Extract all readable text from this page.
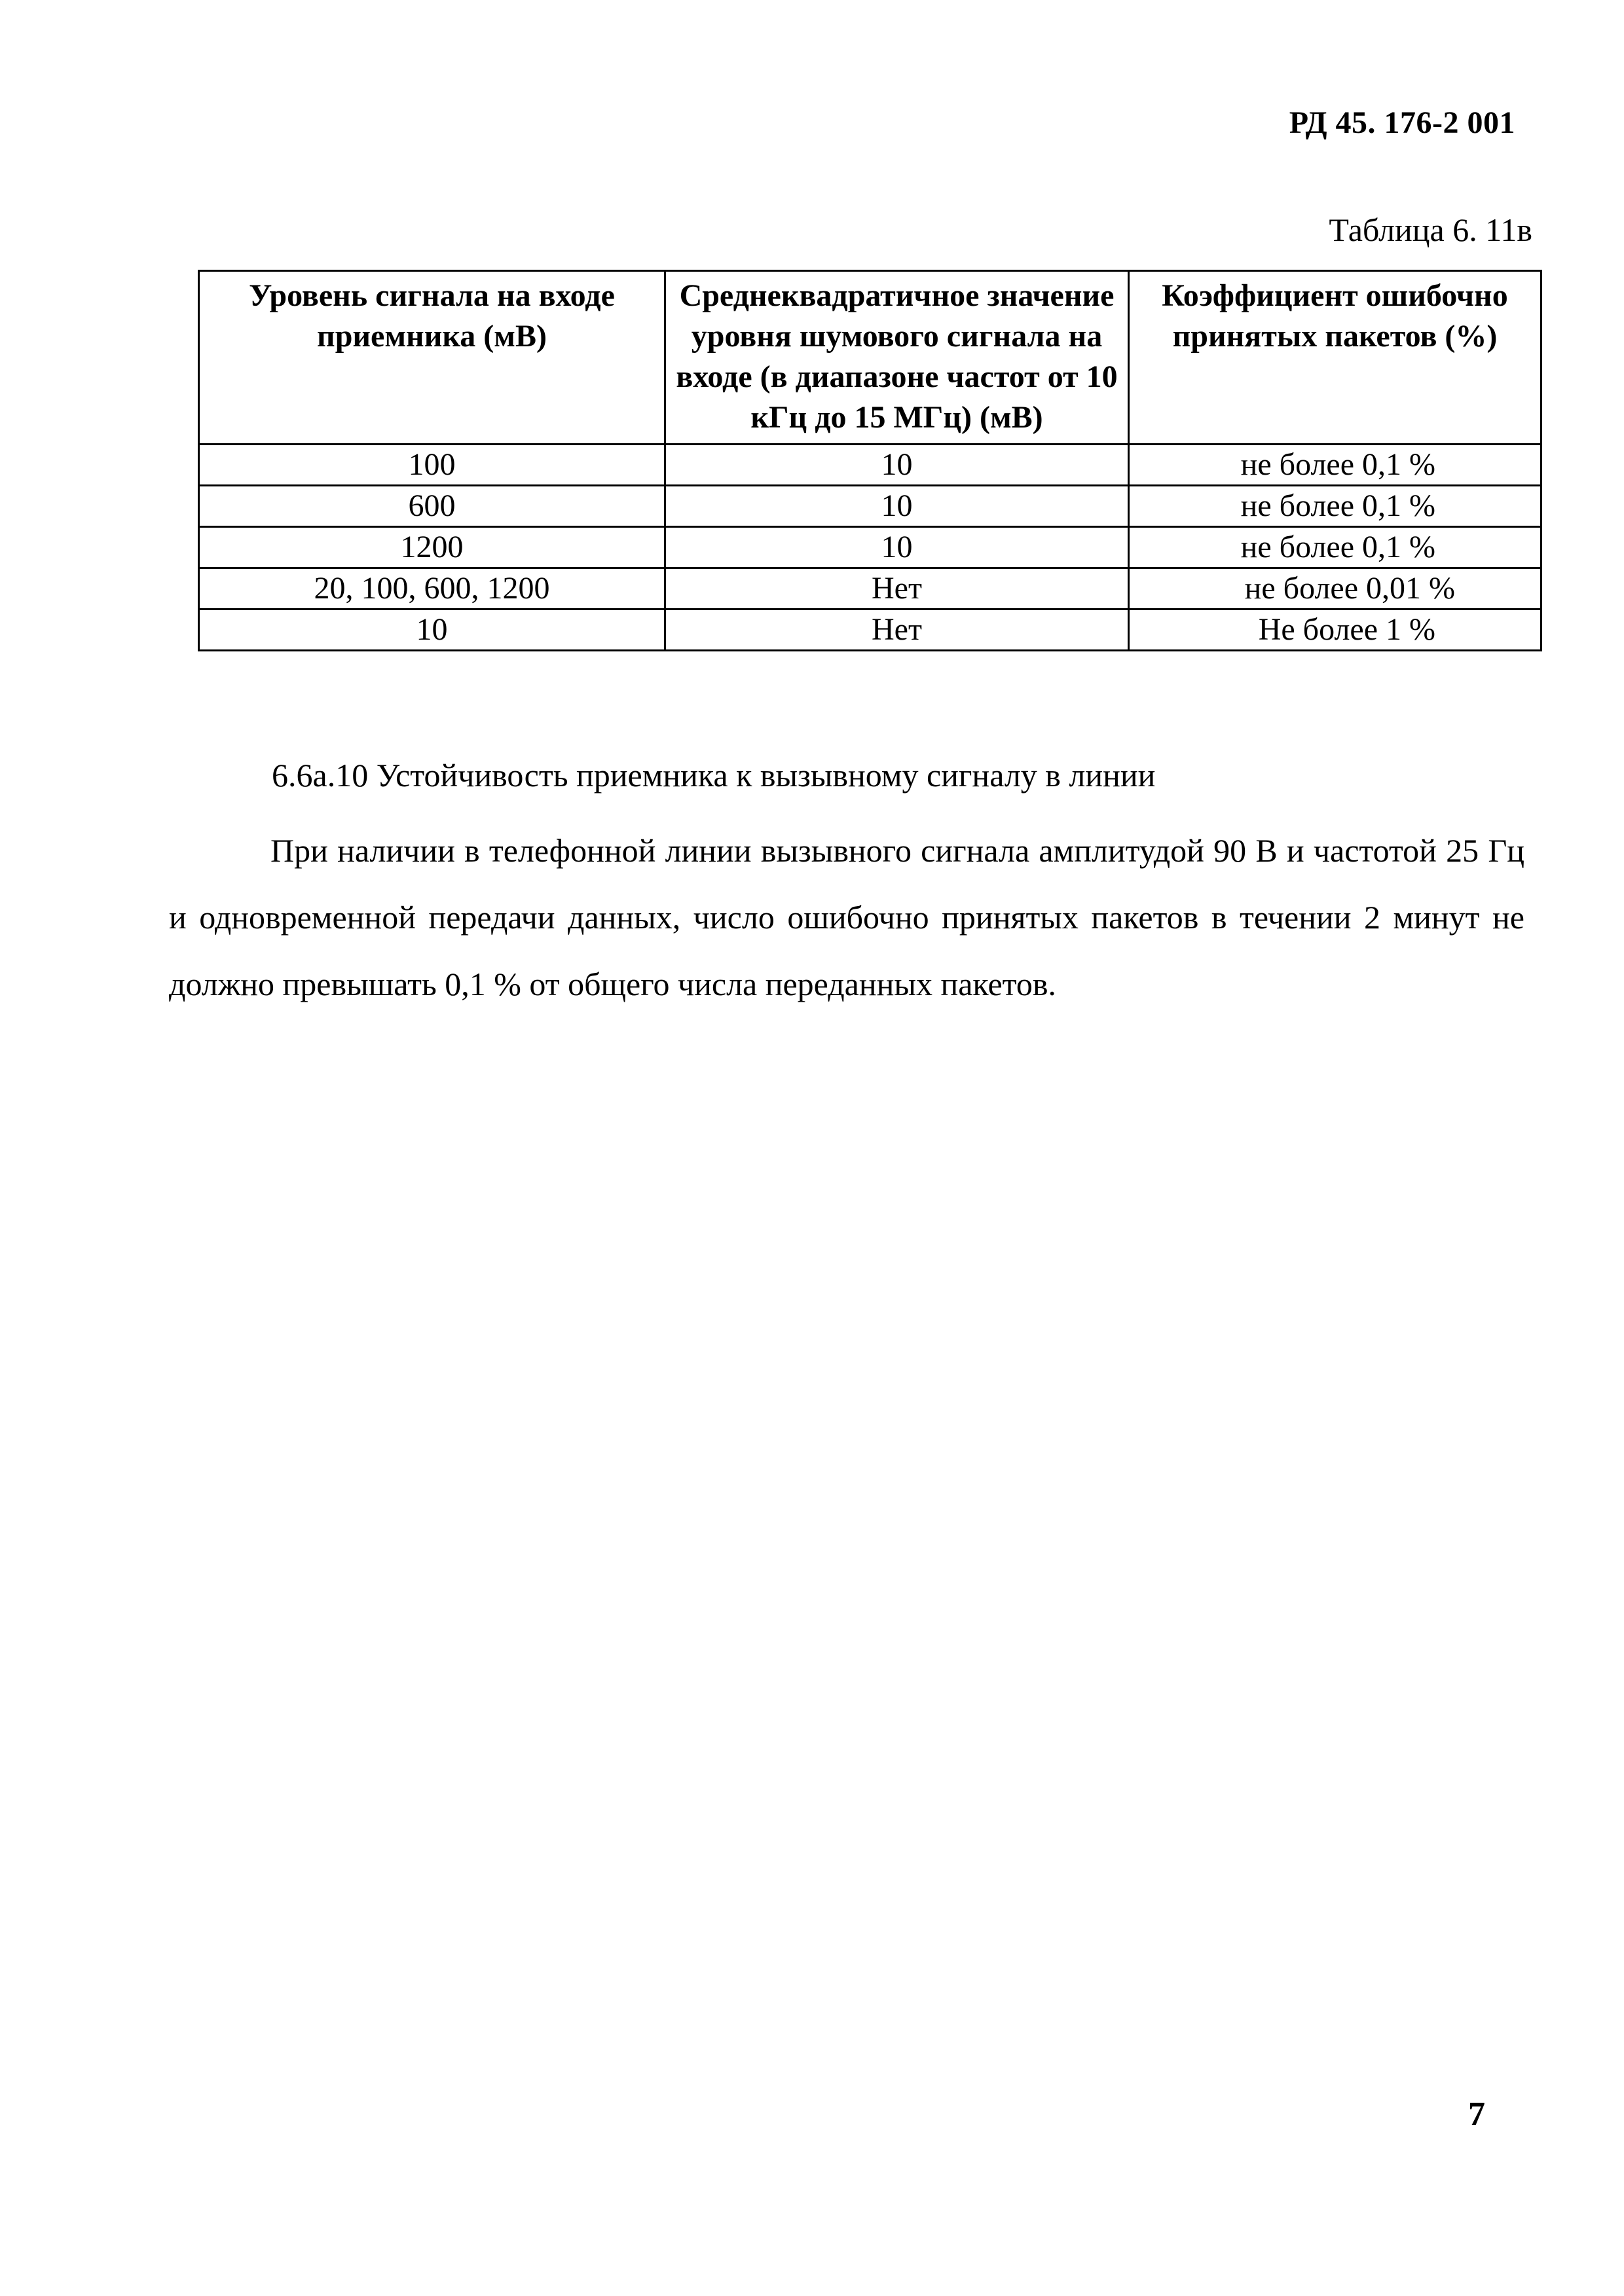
РД 45. 176-2 001
Таблица 6. 11в
Уровень сигнала на входе приемника (мВ)	Среднеквадратичное значение уровня шумового сигнала на входе (в диапазоне частот от 10 кГц до 15 МГц) (мВ)	Коэффициент ошибочно принятых пакетов (%)
100	10	не более 0,1 %
600	10	не более 0,1 %
1200	10	не более 0,1 %
20, 100, 600, 1200	Нет	не более 0,01 %
10	Нет	Не более 1 %
6.6а.10 Устойчивость приемника к вызывному сигналу в линии

При наличии в телефонной линии вызывного сигнала амплитудой 90 В и частотой 25 Гц и одновременной передачи данных, число ошибочно принятых пакетов в течении 2 минут не должно превышать 0,1 % от общего числа переданных пакетов.

7
